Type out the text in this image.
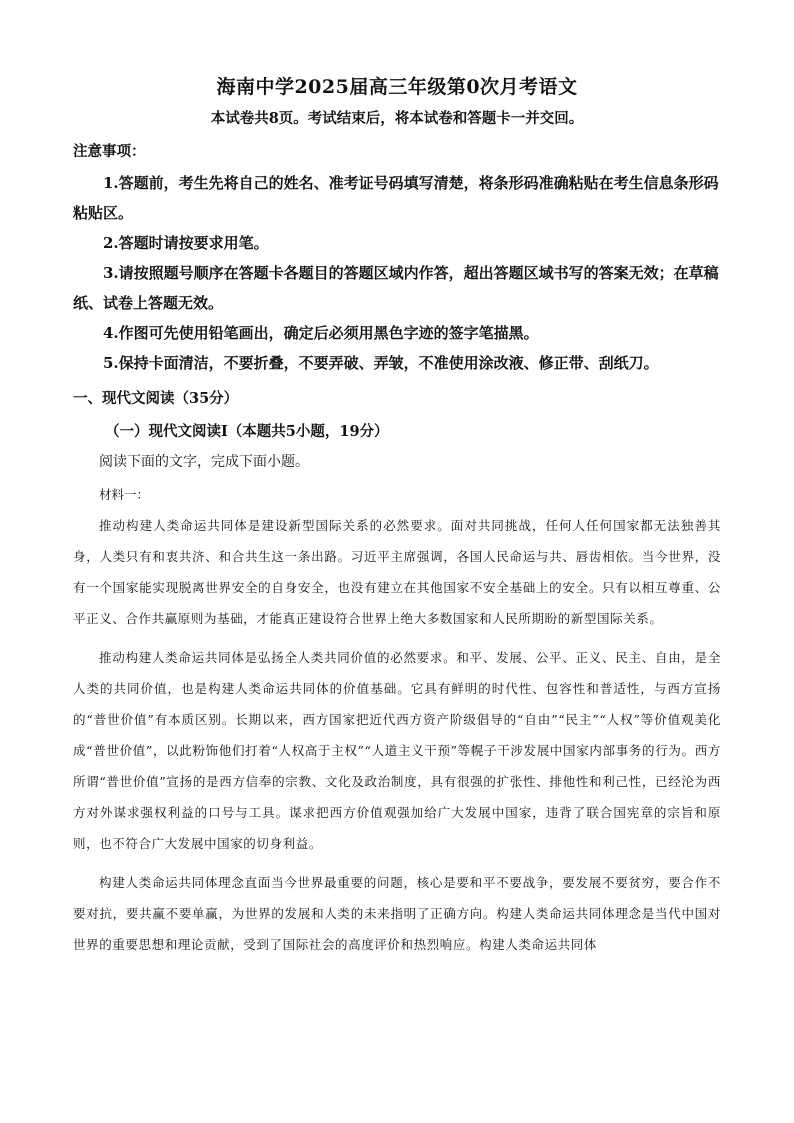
海南中学2025届高三年级第0次月考语文
本试卷共8页。考试结束后，将本试卷和答题卡一并交回。
注意事项：
1.答题前，考生先将自己的姓名、准考证号码填写清楚，将条形码准确粘贴在考生信息条形码粘贴区。
2.答题时请按要求用笔。
3.请按照题号顺序在答题卡各题目的答题区域内作答，超出答题区域书写的答案无效；在草稿纸、试卷上答题无效。
4.作图可先使用铅笔画出，确定后必须用黑色字迹的签字笔描黑。
5.保持卡面清洁，不要折叠，不要弄破、弄皱，不准使用涂改液、修正带、刮纸刀。
一、现代文阅读（35分）
（一）现代文阅读Ⅰ（本题共5小题，19分）
阅读下面的文字，完成下面小题。
材料一：

推动构建人类命运共同体是建设新型国际关系的必然要求。面对共同挑战，任何人任何国家都无法独善其身，人类只有和衷共济、和合共生这一条出路。习近平主席强调，各国人民命运与共、唇齿相依。当今世界，没有一个国家能实现脱离世界安全的自身安全，也没有建立在其他国家不安全基础上的安全。只有以相互尊重、公平正义、合作共赢原则为基础，才能真正建设符合世界上绝大多数国家和人民所期盼的新型国际关系。

推动构建人类命运共同体是弘扬全人类共同价值的必然要求。和平、发展、公平、正义、民主、自由，是全人类的共同价值，也是构建人类命运共同体的价值基础。它具有鲜明的时代性、包容性和普适性，与西方宣扬的“普世价值”有本质区别。长期以来，西方国家把近代西方资产阶级倡导的“自由”“民主”“人权”等价值观美化成“普世价值”，以此粉饰他们打着“人权高于主权”“人道主义干预”等幌子干涉发展中国家内部事务的行为。西方所谓“普世价值”宣扬的是西方信奉的宗教、文化及政治制度，具有很强的扩张性、排他性和利己性，已经沦为西方对外谋求强权利益的口号与工具。谋求把西方价值观强加给广大发展中国家，违背了联合国宪章的宗旨和原则，也不符合广大发展中国家的切身利益。

构建人类命运共同体理念直面当今世界最重要的问题，核心是要和平不要战争，要发展不要贫穷，要合作不要对抗，要共赢不要单赢，为世界的发展和人类的未来指明了正确方向。构建人类命运共同体理念是当代中国对世界的重要思想和理论贡献，受到了国际社会的高度评价和热烈响应。构建人类命运共同体
